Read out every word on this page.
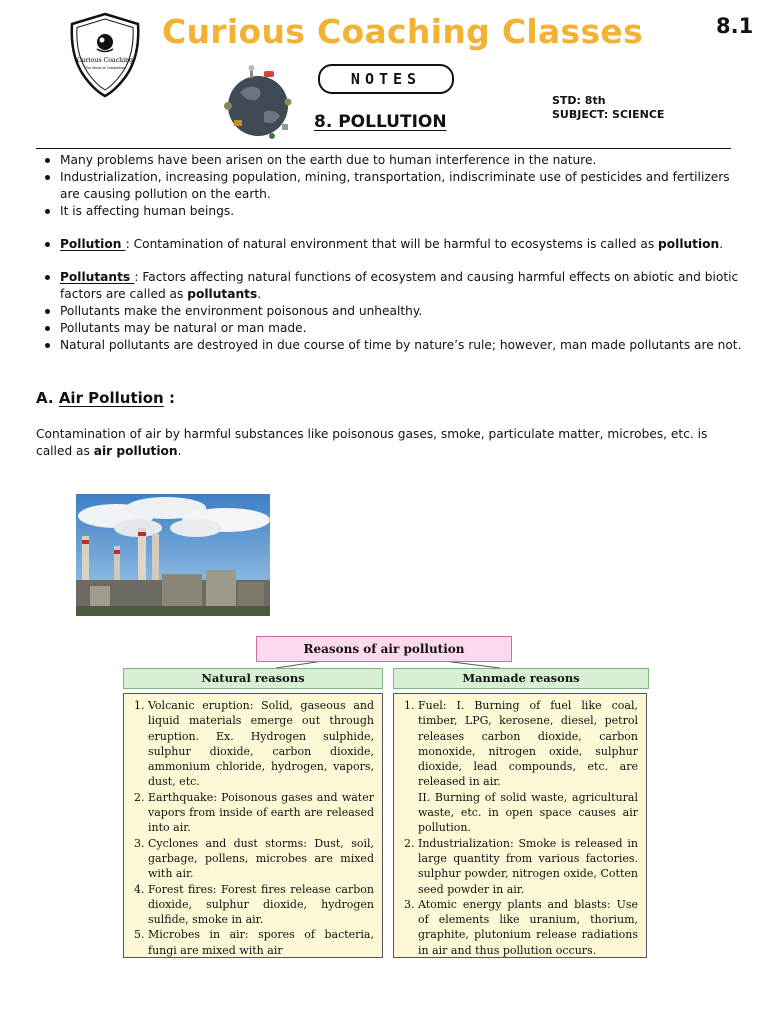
Curious Coaching
The Sense of Completion
Curious Coaching Classes	8.1
NOTES
8. POLLUTION
STD: 8th
SUBJECT: SCIENCE
Many problems have been arisen on the earth due to human interference in the nature.
Industrialization, increasing population, mining, transportation, indiscriminate use of pesticides and fertilizers are causing pollution on the earth.
It is affecting human beings.
Pollution : Contamination of natural environment that will be harmful to ecosystems is called as pollution.
Pollutants : Factors affecting natural functions of ecosystem and causing harmful effects on abiotic and biotic factors are called as pollutants.
Pollutants make the environment poisonous and unhealthy.
Pollutants may be natural or man made.
Natural pollutants are destroyed in due course of time by nature’s rule; however, man made pollutants are not.
A. Air Pollution :
Contamination of air by harmful substances like poisonous gases, smoke, particulate matter, microbes, etc. is called as air pollution.
Reasons of air pollution
Natural reasons	Manmade reasons
1. Volcanic eruption: Solid, gaseous and liquid materials emerge out through eruption. Ex. Hydrogen sulphide, sulphur dioxide, carbon dioxide, ammonium chloride, hydrogen, vapors, dust, etc.
2. Earthquake: Poisonous gases and water vapors from inside of earth are released into air.
3. Cyclones and dust storms: Dust, soil, garbage, pollens, microbes are mixed with air.
4. Forest fires: Forest fires release carbon dioxide, sulphur dioxide, hydrogen sulfide, smoke in air.
5. Microbes in air: spores of bacteria, fungi are mixed with air
1. Fuel: I. Burning of fuel like coal, timber, LPG, kerosene, diesel, petrol releases carbon dioxide, carbon monoxide, nitrogen oxide, sulphur dioxide, lead compounds, etc. are released in air.
II. Burning of solid waste, agricultural waste, etc. in open space causes air pollution.
2. Industrialization: Smoke is released in large quantity from various factories. sulphur powder, nitrogen oxide, Cotten seed powder in air.
3. Atomic energy plants and blasts: Use of elements like uranium, thorium, graphite, plutonium release radiations in air and thus pollution occurs.
